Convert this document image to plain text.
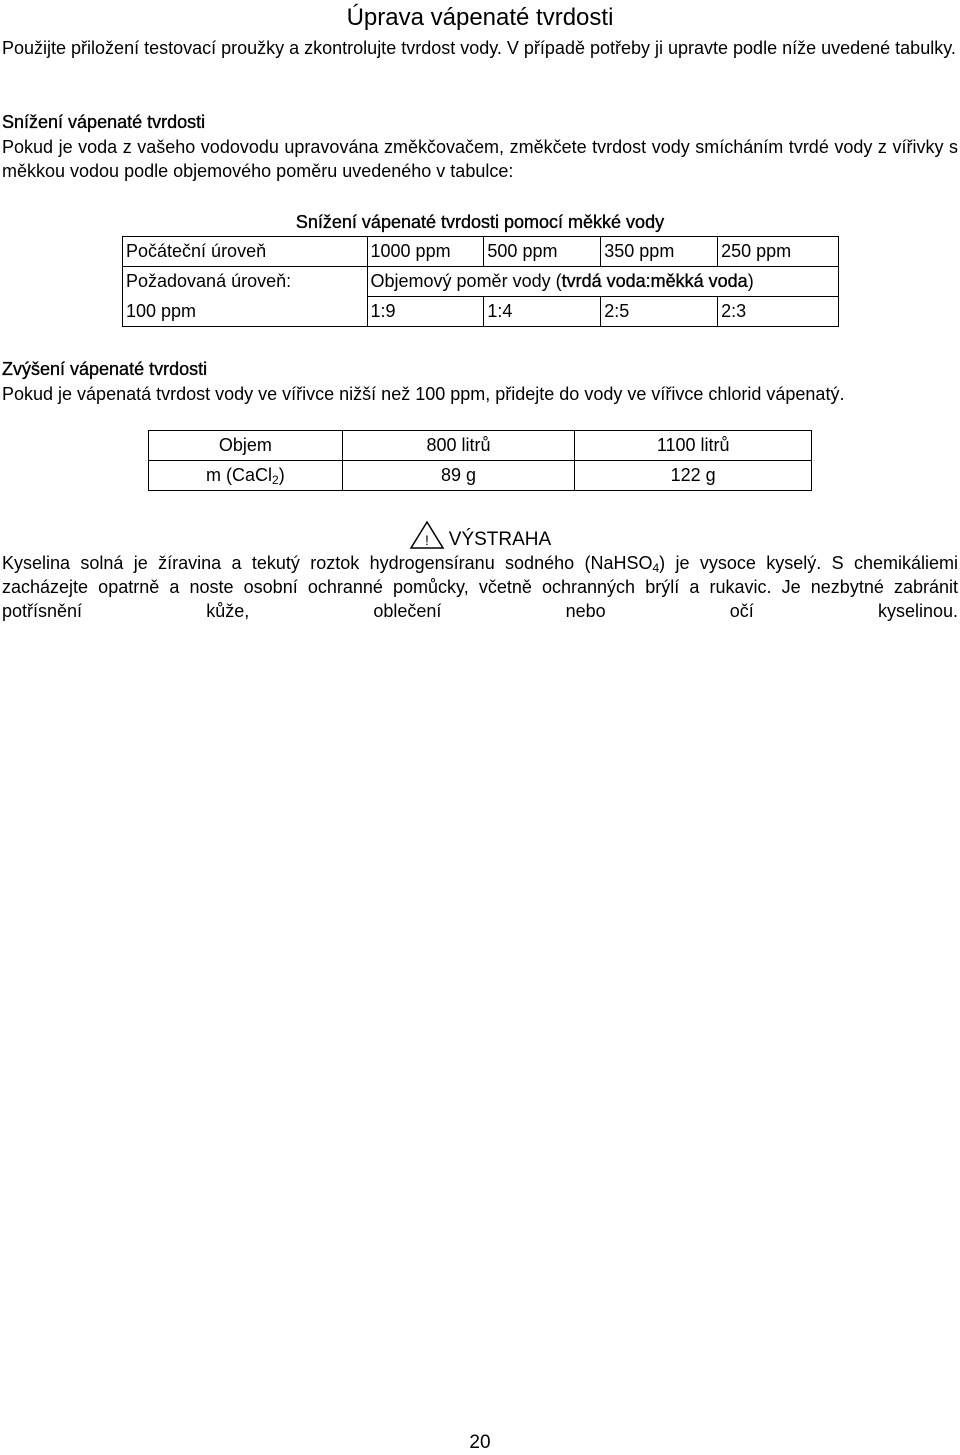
Úprava vápenaté tvrdosti

Použijte přiložení testovací proužky a zkontrolujte tvrdost vody. V případě potřeby ji upravte podle níže uvedené tabulky.

Snížení vápenaté tvrdosti

Pokud je voda z vašeho vodovodu upravována změkčovačem, změkčete tvrdost vody smícháním tvrdé vody z vířivky s měkkou vodou podle objemového poměru uvedeného v tabulce:

Snížení vápenaté tvrdosti pomocí měkké vody

Počáteční úroveň	1000 ppm	500 ppm	350 ppm	250 ppm
Požadovaná úroveň:	Objemový poměr vody (tvrdá voda:měkká voda)			
100 ppm	1:9	1:4	2:5	2:3

Zvýšení vápenaté tvrdosti

Pokud je vápenatá tvrdost vody ve vířivce nižší než 100 ppm, přidejte do vody ve vířivce chlorid vápenatý.

Objem	800 litrů	1100 litrů
m (CaCl$_2$)	89 g	122 g
! VÝSTRAHA

Kyselina solná je žíravina a tekutý roztok hydrogensíranu sodného (NaHSO$_4$) je vysoce kyselý. S chemikáliemi zacházejte opatrně a noste osobní ochranné pomůcky, včetně ochranných brýlí a rukavic. Je nezbytné zabránit potřísnění kůže, oblečení nebo očí kyselinou.

20
